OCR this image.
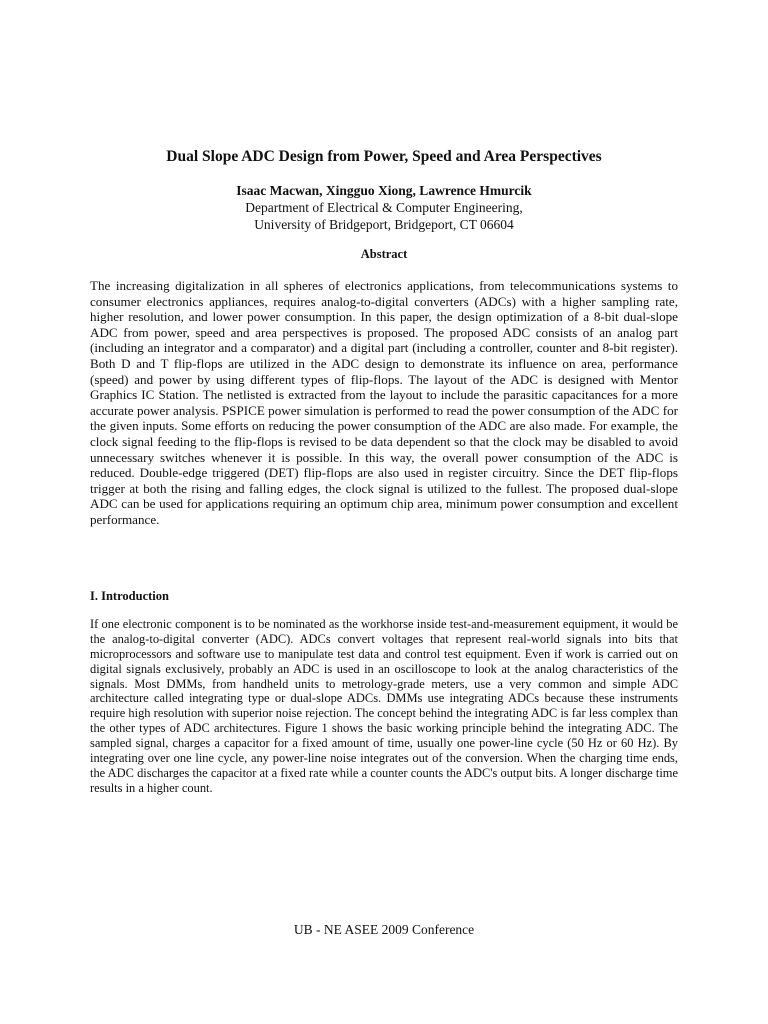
Dual Slope ADC Design from Power, Speed and Area Perspectives
Isaac Macwan, Xingguo Xiong, Lawrence Hmurcik
Department of Electrical & Computer Engineering,
University of Bridgeport, Bridgeport, CT 06604
Abstract

The increasing digitalization in all spheres of electronics applications, from telecommunications systems to consumer electronics appliances, requires analog-to-digital converters (ADCs) with a higher sampling rate, higher resolution, and lower power consumption. In this paper, the design optimization of a 8-bit dual-slope ADC from power, speed and area perspectives is proposed. The proposed ADC consists of an analog part (including an integrator and a comparator) and a digital part (including a controller, counter and 8-bit register). Both D and T flip-flops are utilized in the ADC design to demonstrate its influence on area, performance (speed) and power by using different types of flip-flops. The layout of the ADC is designed with Mentor Graphics IC Station. The netlisted is extracted from the layout to include the parasitic capacitances for a more accurate power analysis. PSPICE power simulation is performed to read the power consumption of the ADC for the given inputs. Some efforts on reducing the power consumption of the ADC are also made. For example, the clock signal feeding to the flip-flops is revised to be data dependent so that the clock may be disabled to avoid unnecessary switches whenever it is possible. In this way, the overall power consumption of the ADC is reduced. Double-edge triggered (DET) flip-flops are also used in register circuitry. Since the DET flip-flops trigger at both the rising and falling edges, the clock signal is utilized to the fullest. The proposed dual-slope ADC can be used for applications requiring an optimum chip area, minimum power consumption and excellent performance.

I. Introduction

If one electronic component is to be nominated as the workhorse inside test-and-measurement equipment, it would be the analog-to-digital converter (ADC). ADCs convert voltages that represent real-world signals into bits that microprocessors and software use to manipulate test data and control test equipment. Even if work is carried out on digital signals exclusively, probably an ADC is used in an oscilloscope to look at the analog characteristics of the signals. Most DMMs, from handheld units to metrology-grade meters, use a very common and simple ADC architecture called integrating type or dual-slope ADCs. DMMs use integrating ADCs because these instruments require high resolution with superior noise rejection. The concept behind the integrating ADC is far less complex than the other types of ADC architectures. Figure 1 shows the basic working principle behind the integrating ADC. The sampled signal, charges a capacitor for a fixed amount of time, usually one power-line cycle (50 Hz or 60 Hz). By integrating over one line cycle, any power-line noise integrates out of the conversion. When the charging time ends, the ADC discharges the capacitor at a fixed rate while a counter counts the ADC's output bits. A longer discharge time results in a higher count.

UB - NE ASEE 2009 Conference
